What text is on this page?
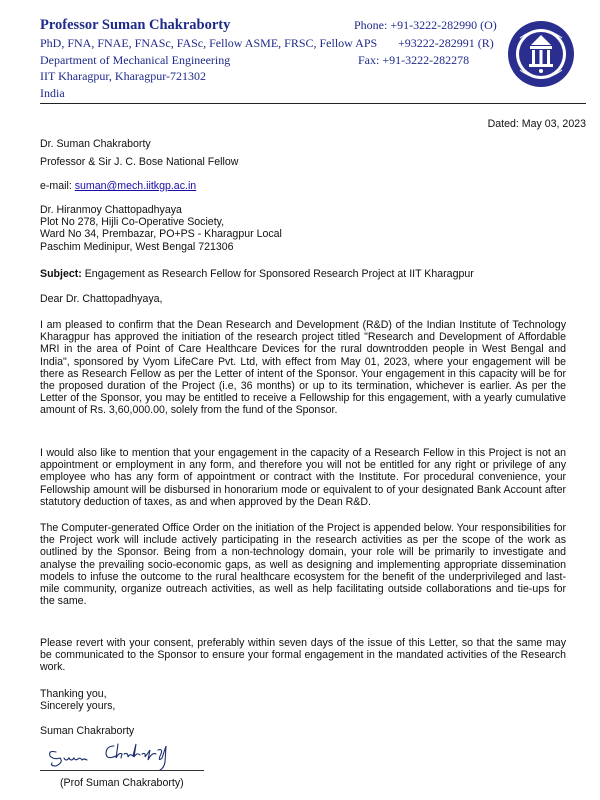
Professor Suman Chakraborty	Phone: +91-3222-282990 (O)
PhD, FNA, FNAE, FNASc, FASc, Fellow ASME, FRSC, Fellow APS +93222-282991 (R)
Department of Mechanical Engineering	Fax: +91-3222-282278
IIT Kharagpur, Kharagpur-721302
India
Dated: May 03, 2023
Dr. Suman Chakraborty
Professor & Sir J. C. Bose National Fellow
e-mail: suman@mech.iitkgp.ac.in
Dr. Hiranmoy Chattopadhyaya
Plot No 278, Hijli Co-Operative Society,
Ward No 34, Prembazar, PO+PS - Kharagpur Local
Paschim Medinipur, West Bengal 721306
Subject: Engagement as Research Fellow for Sponsored Research Project at IIT Kharagpur
Dear Dr. Chattopadhyaya,
I am pleased to confirm that the Dean Research and Development (R&D) of the Indian Institute of Technology Kharagpur has approved the initiation of the research project titled "Research and Development of Affordable MRI in the area of Point of Care Healthcare Devices for the rural downtrodden people in West Bengal and India", sponsored by Vyom LifeCare Pvt. Ltd, with effect from May 01, 2023, where your engagement will be there as Research Fellow as per the Letter of intent of the Sponsor. Your engagement in this capacity will be for the proposed duration of the Project (i.e, 36 months) or up to its termination, whichever is earlier. As per the Letter of the Sponsor, you may be entitled to receive a Fellowship for this engagement, with a yearly cumulative amount of Rs. 3,60,000.00, solely from the fund of the Sponsor.
I would also like to mention that your engagement in the capacity of a Research Fellow in this Project is not an appointment or employment in any form, and therefore you will not be entitled for any right or privilege of any employee who has any form of appointment or contract with the Institute. For procedural convenience, your Fellowship amount will be disbursed in honorarium mode or equivalent to of your designated Bank Account after statutory deduction of taxes, as and when approved by the Dean R&D.
The Computer-generated Office Order on the initiation of the Project is appended below. Your responsibilities for the Project work will include actively participating in the research activities as per the scope of the work as outlined by the Sponsor. Being from a non-technology domain, your role will be primarily to investigate and analyse the prevailing socio-economic gaps, as well as designing and implementing appropriate dissemination models to infuse the outcome to the rural healthcare ecosystem for the benefit of the underprivileged and last-mile community, organize outreach activities, as well as help facilitating outside collaborations and tie-ups for the same.
Please revert with your consent, preferably within seven days of the issue of this Letter, so that the same may be communicated to the Sponsor to ensure your formal engagement in the mandated activities of the Research work.
Thanking you,
Sincerely yours,
Suman Chakraborty
(Prof Suman Chakraborty)
